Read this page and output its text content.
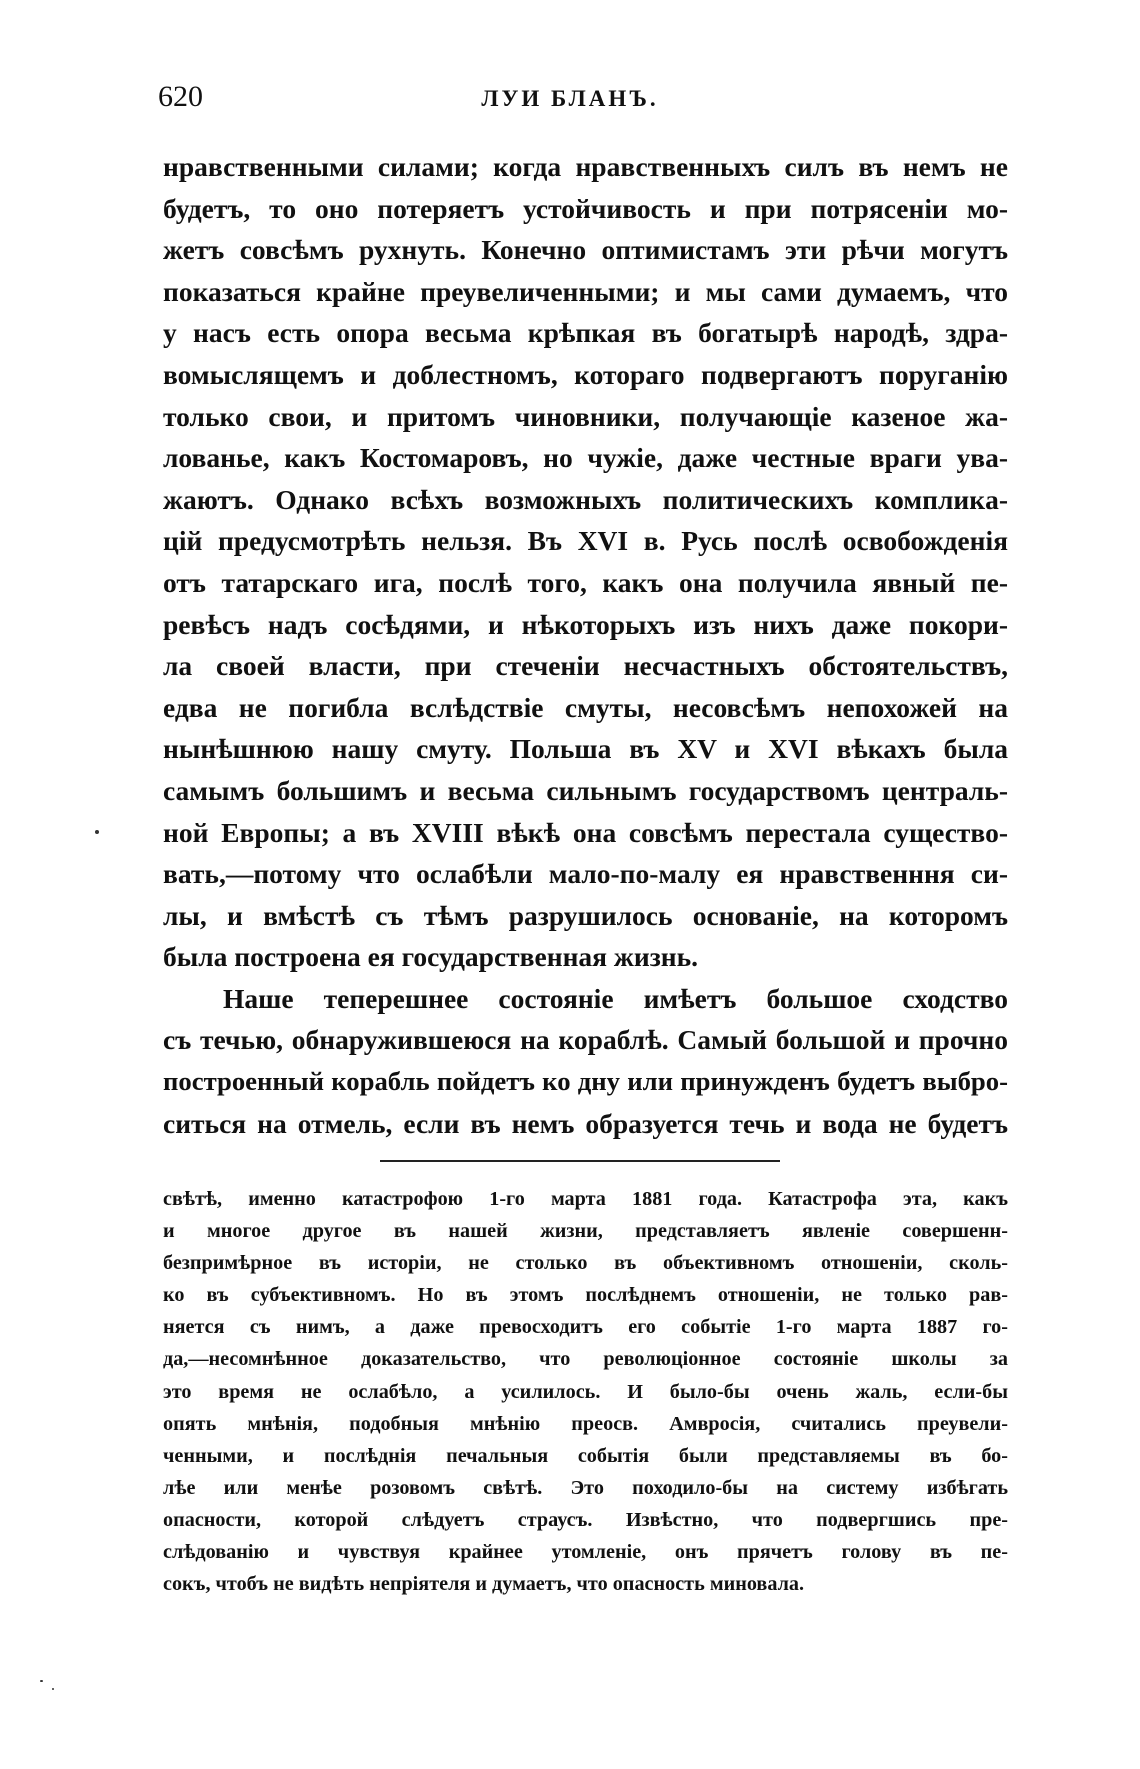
620	ЛУИ БЛАНЪ.
нравственными силами; когда нравственныхъ силъ въ немъ не
будетъ, то оно потеряетъ устойчивость и при потрясеніи мо-
жетъ совсѣмъ рухнуть. Конечно оптимистамъ эти рѣчи могутъ
показаться крайне преувеличенными; и мы сами думаемъ, что
у насъ есть опора весьма крѣпкая въ богатырѣ народѣ, здра-
вомыслящемъ и доблестномъ, котораго подвергаютъ поруганію
только свои, и притомъ чиновники, получающіе казеное жа-
лованье, какъ Костомаровъ, но чужіе, даже честные враги ува-
жаютъ. Однако всѣхъ возможныхъ политическихъ компликa-
цій предусмотрѣть нельзя. Въ XVI в. Русь послѣ освобожденія
отъ татарскаго ига, послѣ того, какъ она получила явный пе-
ревѣсъ надъ сосѣдями, и нѣкоторыхъ изъ нихъ даже покори-
ла своей власти, при стеченіи несчастныхъ обстоятельствъ,
едва не погибла вслѣдствіе смуты, несовсѣмъ непохожей на
нынѣшнюю нашу смуту. Польша въ XV и XVI вѣкахъ была
самымъ большимъ и весьма сильнымъ государствомъ централь-
ной Европы; а въ XVIII вѣкѣ она совсѣмъ перестала существо-
вать,—потому что ослабѣли мало-по-малу ея нравственння си-
лы, и вмѣстѣ съ тѣмъ разрушилось основаніе, на которомъ
была построена ея государственная жизнь.
Наше теперешнее состояніе имѣетъ большое сходство
съ течью, обнаружившеюся на кораблѣ. Самый большой и прочно
построенный корабль пойдетъ ко дну или принужденъ будетъ выбро-
ситься на отмель, если въ немъ образуется течь и вода не будетъ
свѣтѣ, именно катастрофою 1-го марта 1881 года. Катастрофа эта, какъ
и многое другое въ нашей жизни, представляетъ явленіе совершенн-
безпримѣрное въ исторіи, не столько въ объективномъ отношеніи, сколь-
ко въ субъективномъ. Но въ этомъ послѣднемъ отношеніи, не только рав-
няется съ нимъ, а даже превосходитъ его событіе 1-го марта 1887 го-
да,—несомнѣнное доказательство, что революціонное состояніе школы за
это время не ослабѣло, а усилилось. И было-бы очень жаль, если-бы
опять мнѣнія, подобныя мнѣнію преосв. Амвросія, считались преувели-
ченными, и послѣднія печальныя событія были представляемы въ бо-
лѣе или менѣе розовомъ свѣтѣ. Это походило-бы на систему избѣгать
опасности, которой слѣдуетъ страусъ. Извѣстно, что подвергшись пре-
слѣдованію и чувствуя крайнее утомленіе, онъ прячетъ голову въ пе-
сокъ, чтобъ не видѣть непріятеля и думаетъ, что опасность миновала.
